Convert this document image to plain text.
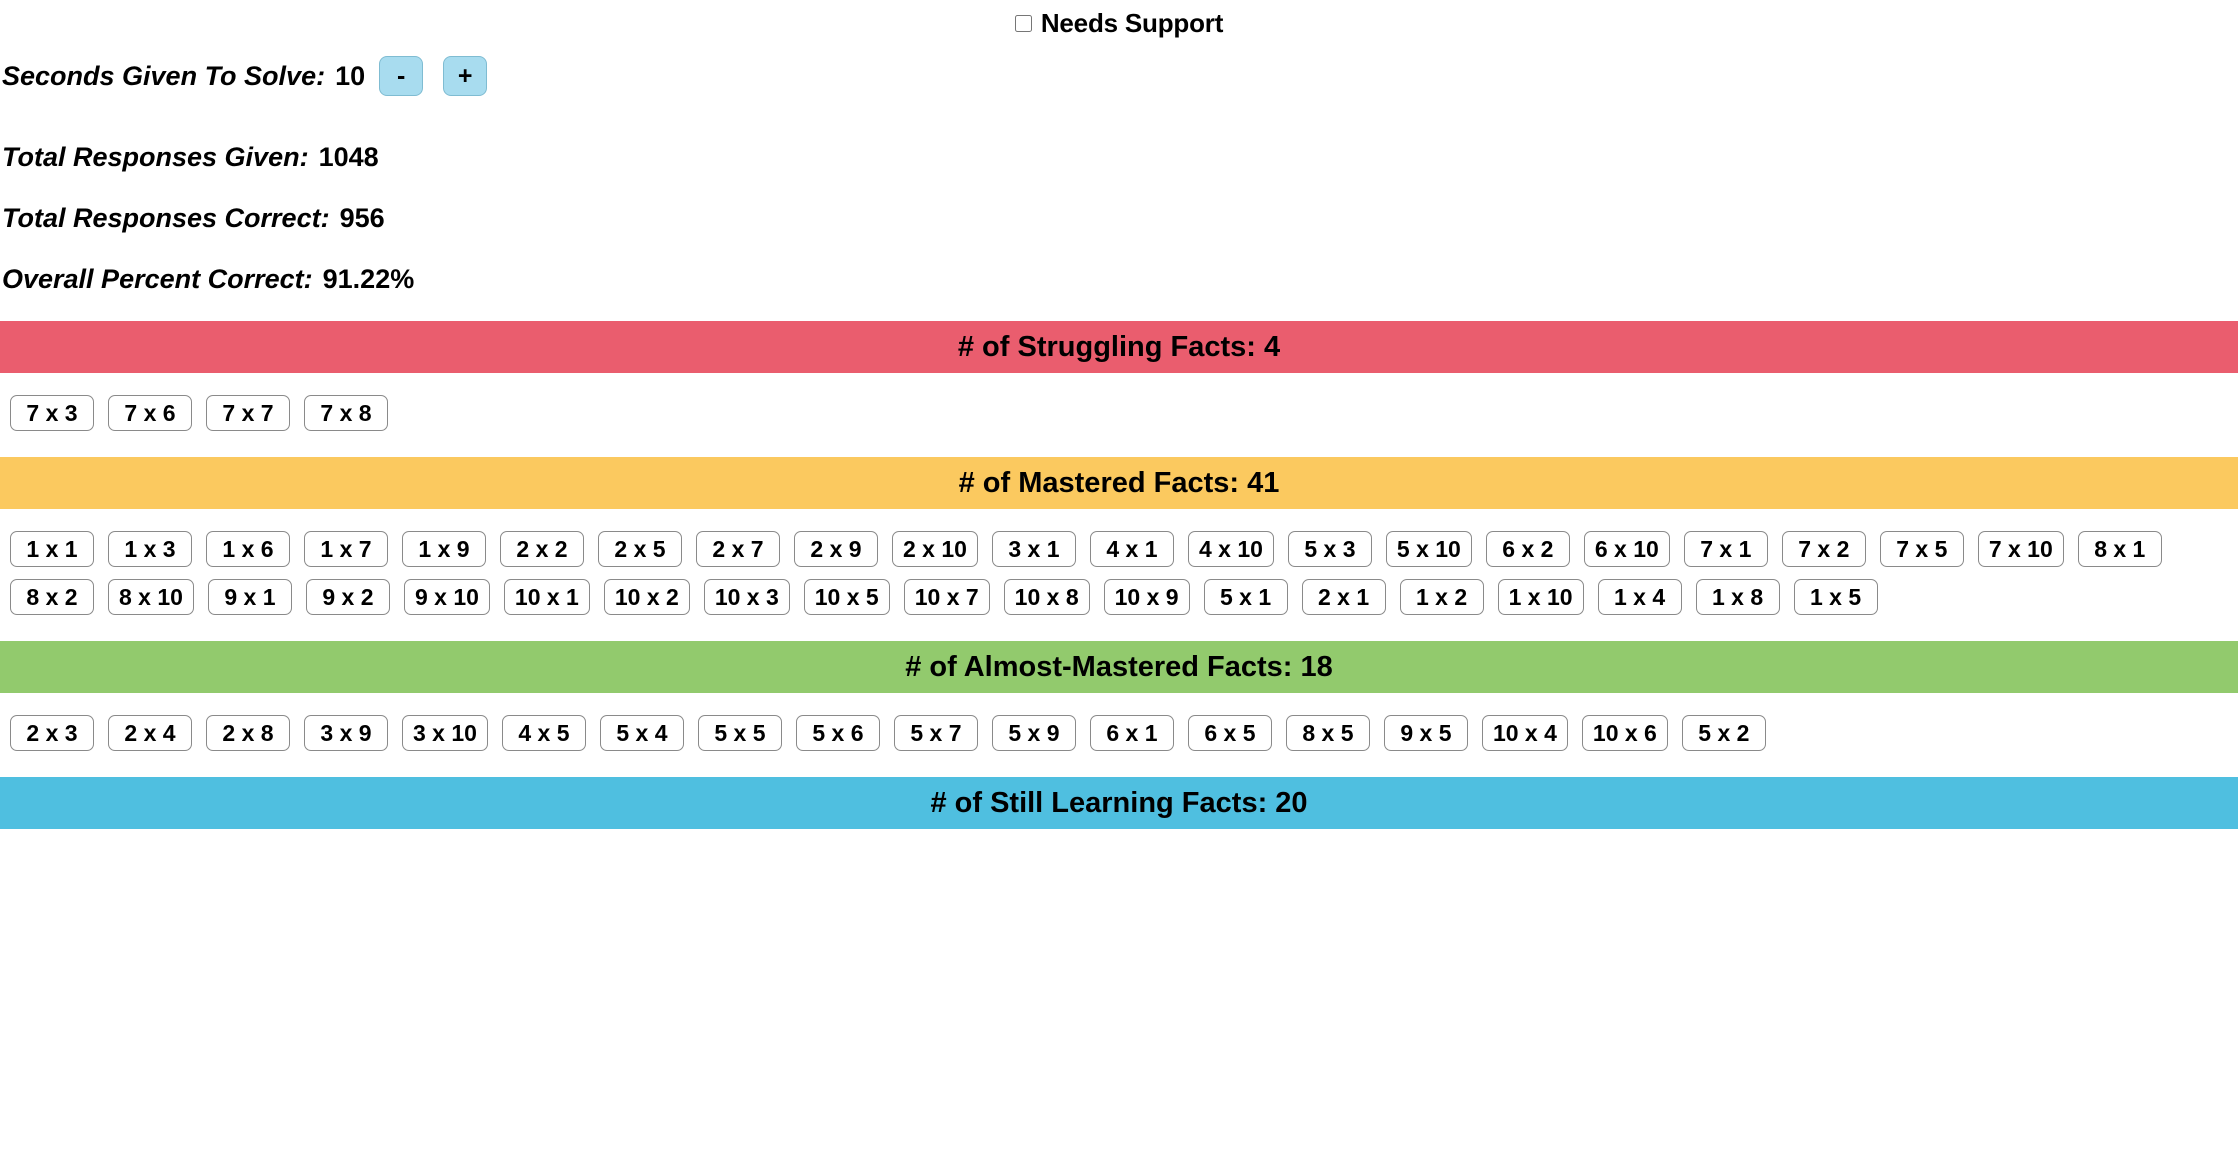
Needs Support
Seconds Given To Solve: 10	-	+
Total Responses Given: 1048
Total Responses Correct: 956
Overall Percent Correct: 91.22%
# of Struggling Facts: 4
7 x 3	7 x 6	7 x 7	7 x 8
# of Mastered Facts: 41
1 x 1	1 x 3	1 x 6	1 x 7	1 x 9	2 x 2	2 x 5	2 x 7	2 x 9	2 x 10	3 x 1	4 x 1	4 x 10	5 x 3	5 x 10	6 x 2	6 x 10	7 x 1	7 x 2	7 x 5	7 x 10	8 x 1
8 x 2	8 x 10	9 x 1	9 x 2	9 x 10	10 x 1	10 x 2	10 x 3	10 x 5	10 x 7	10 x 8	10 x 9	5 x 1	2 x 1	1 x 2	1 x 10	1 x 4	1 x 8	1 x 5
# of Almost-Mastered Facts: 18
2 x 3	2 x 4	2 x 8	3 x 9	3 x 10	4 x 5	5 x 4	5 x 5	5 x 6	5 x 7	5 x 9	6 x 1	6 x 5	8 x 5	9 x 5	10 x 4	10 x 6	5 x 2
# of Still Learning Facts: 20
